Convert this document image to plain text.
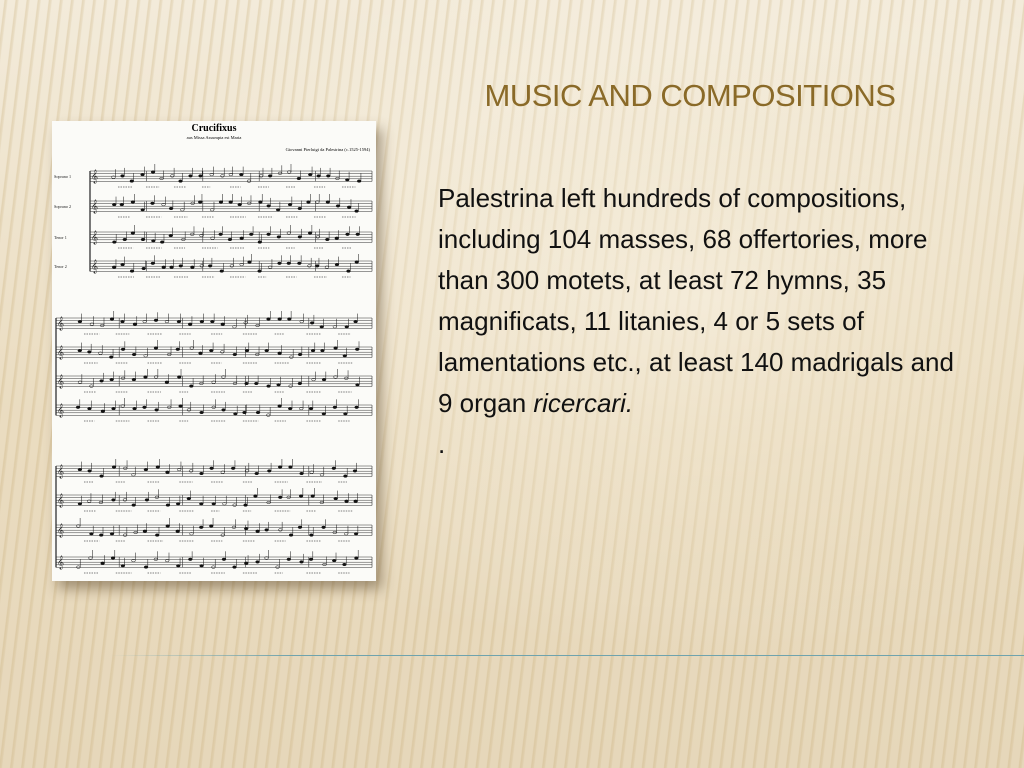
MUSIC AND COMPOSITIONS
Crucifixus
aus Missa Assumpta est Maria
Giovanni Pierluigi da Palestrina (c.1525-1594)
𝄞
Soprano 1
𝄞
Soprano 2
𝄞
Tenor 1
𝄞
Tenor 2
𝄞
𝄞
𝄞
𝄞
𝄞
𝄞
𝄞
𝄞

Palestrina left hundreds of compositions, including 104 masses, 68 offertories, more than 300 motets, at least 72 hymns, 35 magnificats, 11 litanies, 4 or 5 sets of lamentations etc., at least 140 madrigals and 9 organ ricercari.

.
